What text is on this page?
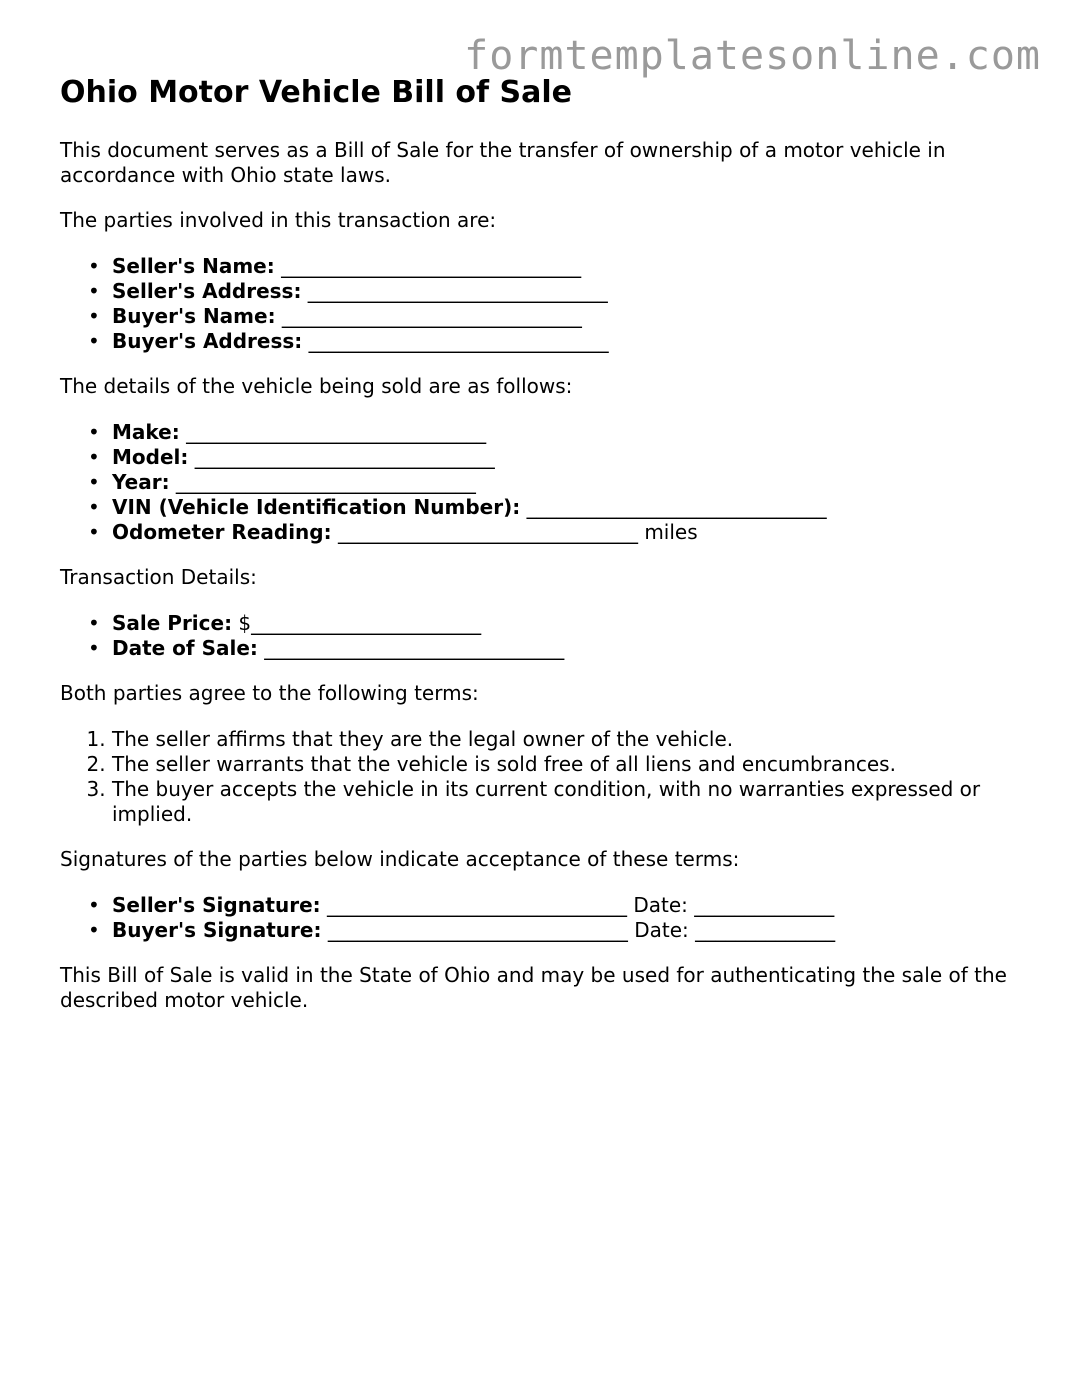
formtemplatesonline.com
Ohio Motor Vehicle Bill of Sale

This document serves as a Bill of Sale for the transfer of ownership of a motor vehicle in accordance with Ohio state laws.

The parties involved in this transaction are:

• Seller's Name: ______________________________
• Seller's Address: ______________________________
• Buyer's Name: ______________________________
• Buyer's Address: ______________________________

The details of the vehicle being sold are as follows:

• Make: ______________________________
• Model: ______________________________
• Year: ______________________________
• VIN (Vehicle Identification Number): ______________________________
• Odometer Reading: ______________________________ miles

Transaction Details:

• Sale Price: $_______________________
• Date of Sale: ______________________________

Both parties agree to the following terms:

1. The seller affirms that they are the legal owner of the vehicle.
2. The seller warrants that the vehicle is sold free of all liens and encumbrances.
3. The buyer accepts the vehicle in its current condition, with no warranties expressed or implied.

Signatures of the parties below indicate acceptance of these terms:

• Seller's Signature: ______________________________ Date: ______________
• Buyer's Signature: ______________________________ Date: ______________

This Bill of Sale is valid in the State of Ohio and may be used for authenticating the sale of the described motor vehicle.
